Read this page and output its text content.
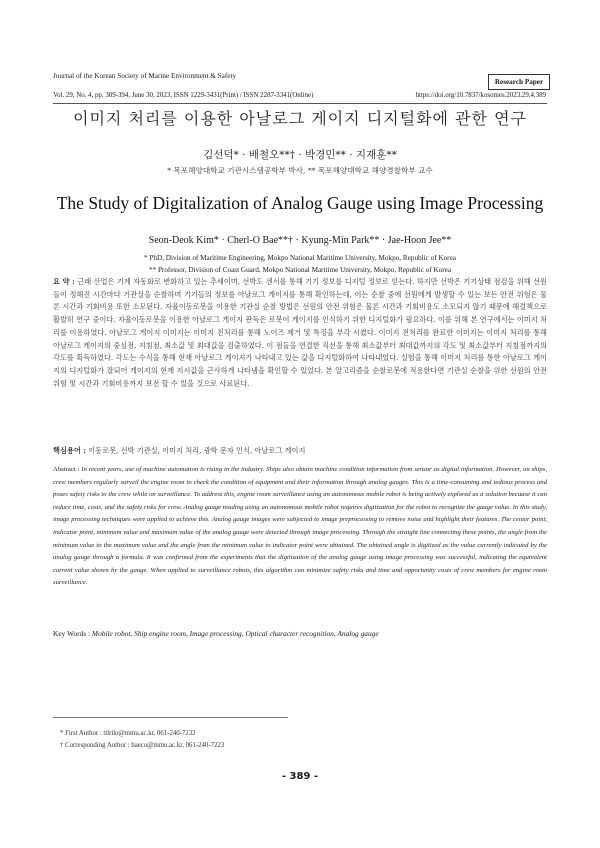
Journal of the Korean Society of Marine Environment & Safety
Research Paper
Vol. 29, No. 4, pp. 389-394, June 30, 2023, ISSN 1229-3431(Print) / ISSN 2287-3341(Online)	https://doi.org/10.7837/kosomes.2023.29.4.389
이미지 처리를 이용한 아날로그 게이지 디지털화에 관한 연구
김선덕* · 배철오**† · 박경민** · 지재훈**
* 목포해양대학교 기관시스템공학부 박사, ** 목포해양대학교 해양경찰학부 교수
The Study of Digitalization of Analog Gauge using Image Processing
Seon-Deok Kim* · Cherl-O Bae**† · Kyung-Min Park** · Jae-Hoon Jee**
* PhD, Division of Maritime Engineering, Mokpo National Maritime University, Mokpo, Republic of Korea
** Professor, Division of Coast Guard, Mokpo National Maritime University, Mokpo, Republic of Korea
요 약 : 근래 산업은 기계 자동화로 변화하고 있는 추세이며, 선박도 센서를 통해 기기 정보를 디지털 정보로 얻는다. 하지만 선박은 기기상태 점검을 위해 선원들이 정해진 시간마다 기관실을 순찰하며 기기들의 정보를 아날로그 게이지를 통해 확인하는데, 이는 순찰 중에 선원에게 발생할 수 있는 보든 안전 위험은 물론 시간과 기회비용 또한 소모된다. 자율이동로봇을 이용한 기관실 순찰 방법은 선원의 안전 위험은 물론 시간과 기회비용도 소모되지 않기 때문에 해결책으로 활발히 연구 중이다. 자율이동로봇을 이용한 아날로그 게이지 판독은 로봇이 게이지를 인식하기 위한 디지털화가 필요하다. 이를 위해 본 연구에서는 이미지 처리를 이용하였다. 아날로그 게이지 이미지는 이미지 전처리를 통해 노이즈 제거 및 특징을 부각 시켰다. 이미지 전처리를 완료한 이미지는 이미지 처리를 통해 아날로그 게이지의 중심점, 지침점, 최소값 및 최대값을 검출하였다. 이 점들을 연결한 직선을 통해 최소값부터 최대값까지의 각도 및 최소값부터 지침점까지의 각도를 획득하였다. 각도는 수식을 통해 현재 아날로그 게이지가 나타내고 있는 값을 디지털화하여 나타내었다. 실험을 통해 이미지 처리를 통한 아날로그 게이지의 디지털화가 잘되어 게이지의 현재 지시값을 근사하게 나타냄을 확인할 수 있었다. 본 알고리즘을 순찰로봇에 적용한다면 기관실 순찰을 위한 선원의 안전 위험 및 시간과 기회비용까지 보전 할 수 있을 것으로 사료된다.
핵심용어 : 이동로봇, 선박 기관실, 이미지 처리, 광학 문자 인식, 아날로그 게이지
Abstract : In recent years, use of machine automation is rising in the industry. Ships also obtain machine condition information from sensor as digital information. However, on ships, crew members regularly surveil the engine room to check the condition of equipment and their information through analog gauges. This is a time-consuming and tedious process and poses safety risks to the crew while on surveillance. To address this, engine room surveillance using an autonomous mobile robot is being actively explored as a solution because it can reduce time, costs, and the safety risks for crew. Analog gauge reading using an autonomous mobile robot requires digitization for the robot to recognize the gauge value. In this study, image processing techniques were applied to achieve this. Analog gauge images were subjected to image preprocessing to remove noise and highlight their features. The center point, indicator point, minimum value and maximum value of the analog gauge were detected through image processing. Through the straight line connecting these points, the angle from the minimum value to the maximum value and the angle from the minimum value to indicator point were obtained. The obtained angle is digitized as the value currently indicated by the analog gauge through a formula. It was confirmed from the experiments that the digitization of the analog gauge using image processing was successful, indicating the equivalent current value shown by the gauge. When applied to surveillance robots, this algorithm can minimize safety risks and time and opportunity costs of crew members for engine room surveillance.
Key Words : Mobile robot, Ship engine room, Image processing, Optical character recognition, Analog gauge
* First Author : ttlrilo@mmu.ac.kr, 061-240-7232
† Corresponding Author : baeco@mmu.ac.kr, 061-240-7223
- 389 -
